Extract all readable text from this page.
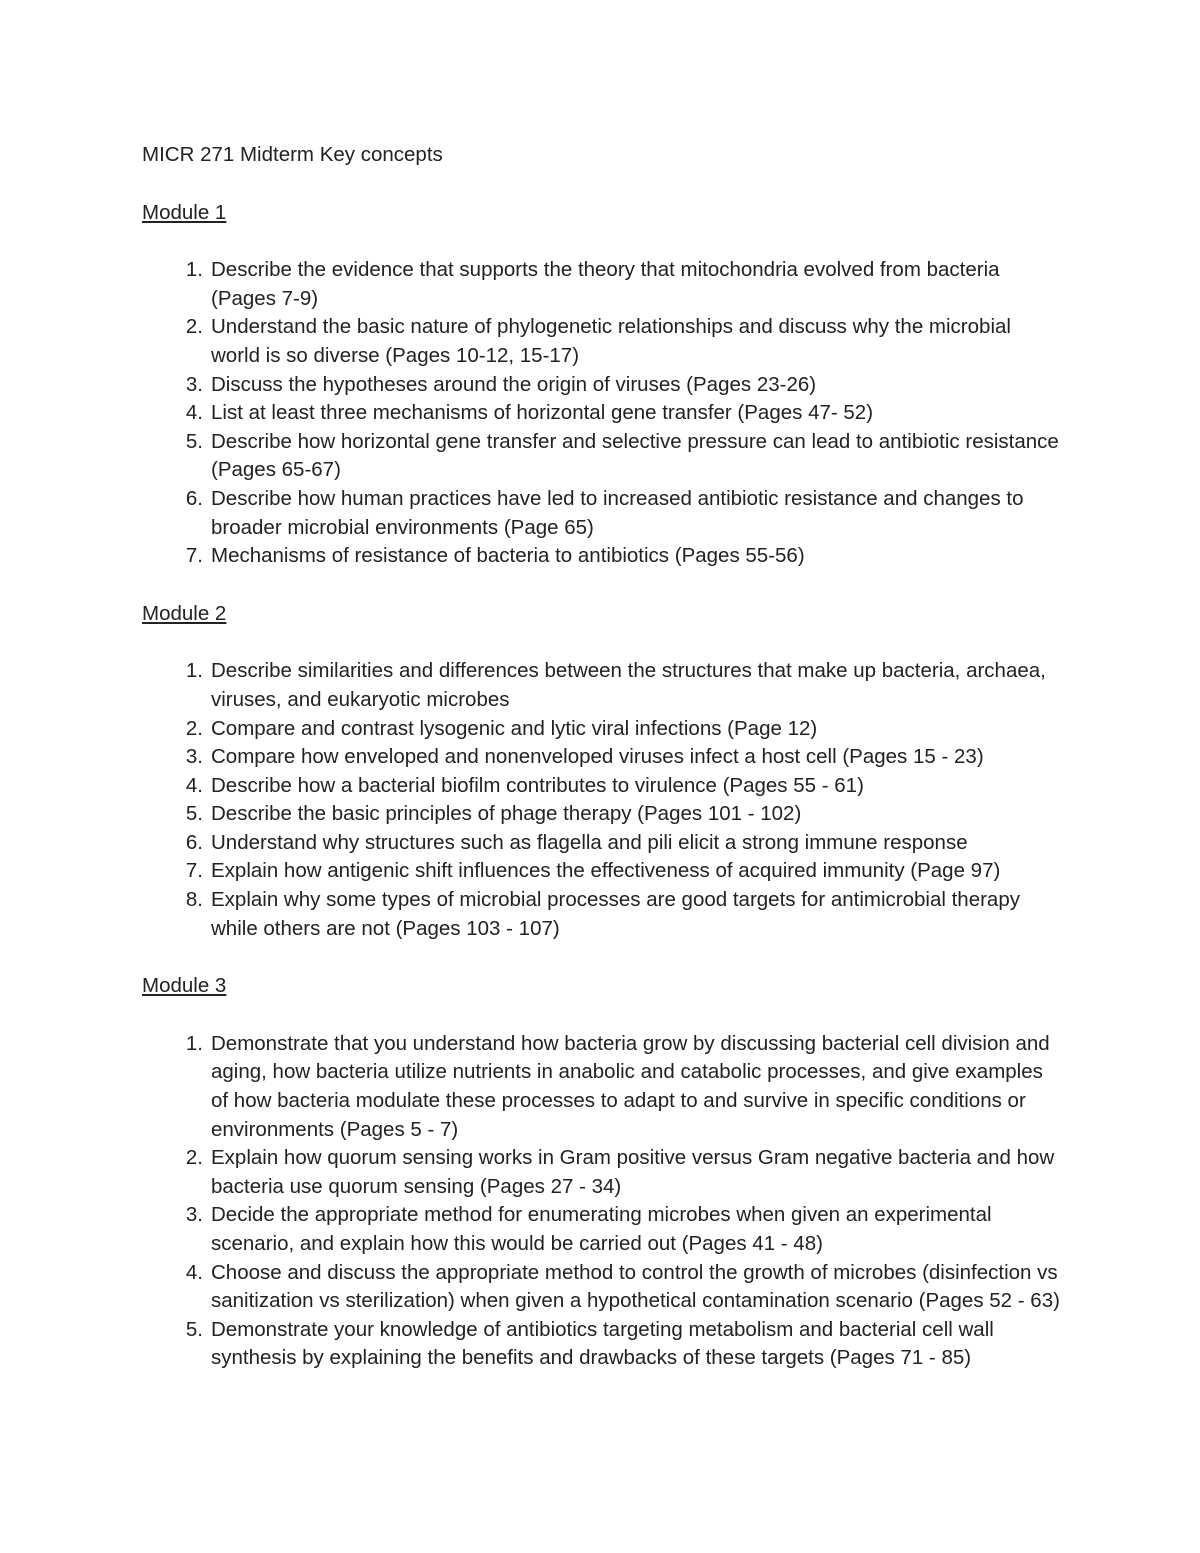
MICR 271 Midterm Key concepts
Module 1
1. Describe the evidence that supports the theory that mitochondria evolved from bacteria (Pages 7-9)
2. Understand the basic nature of phylogenetic relationships and discuss why the microbial world is so diverse (Pages 10-12, 15-17)
3. Discuss the hypotheses around the origin of viruses (Pages 23-26)
4. List at least three mechanisms of horizontal gene transfer (Pages 47- 52)
5. Describe how horizontal gene transfer and selective pressure can lead to antibiotic resistance (Pages 65-67)
6. Describe how human practices have led to increased antibiotic resistance and changes to broader microbial environments (Page 65)
7. Mechanisms of resistance of bacteria to antibiotics (Pages 55-56)
Module 2
1. Describe similarities and differences between the structures that make up bacteria, archaea, viruses, and eukaryotic microbes
2. Compare and contrast lysogenic and lytic viral infections (Page 12)
3. Compare how enveloped and nonenveloped viruses infect a host cell (Pages 15 - 23)
4. Describe how a bacterial biofilm contributes to virulence (Pages 55 - 61)
5. Describe the basic principles of phage therapy (Pages 101 - 102)
6. Understand why structures such as flagella and pili elicit a strong immune response
7. Explain how antigenic shift influences the effectiveness of acquired immunity (Page 97)
8. Explain why some types of microbial processes are good targets for antimicrobial therapy while others are not (Pages 103 - 107)
Module 3
1. Demonstrate that you understand how bacteria grow by discussing bacterial cell division and aging, how bacteria utilize nutrients in anabolic and catabolic processes, and give examples of how bacteria modulate these processes to adapt to and survive in specific conditions or environments (Pages 5 - 7)
2. Explain how quorum sensing works in Gram positive versus Gram negative bacteria and how bacteria use quorum sensing (Pages 27 - 34)
3. Decide the appropriate method for enumerating microbes when given an experimental scenario, and explain how this would be carried out (Pages 41 - 48)
4. Choose and discuss the appropriate method to control the growth of microbes (disinfection vs sanitization vs sterilization) when given a hypothetical contamination scenario (Pages 52 - 63)
5. Demonstrate your knowledge of antibiotics targeting metabolism and bacterial cell wall synthesis by explaining the benefits and drawbacks of these targets (Pages 71 - 85)
